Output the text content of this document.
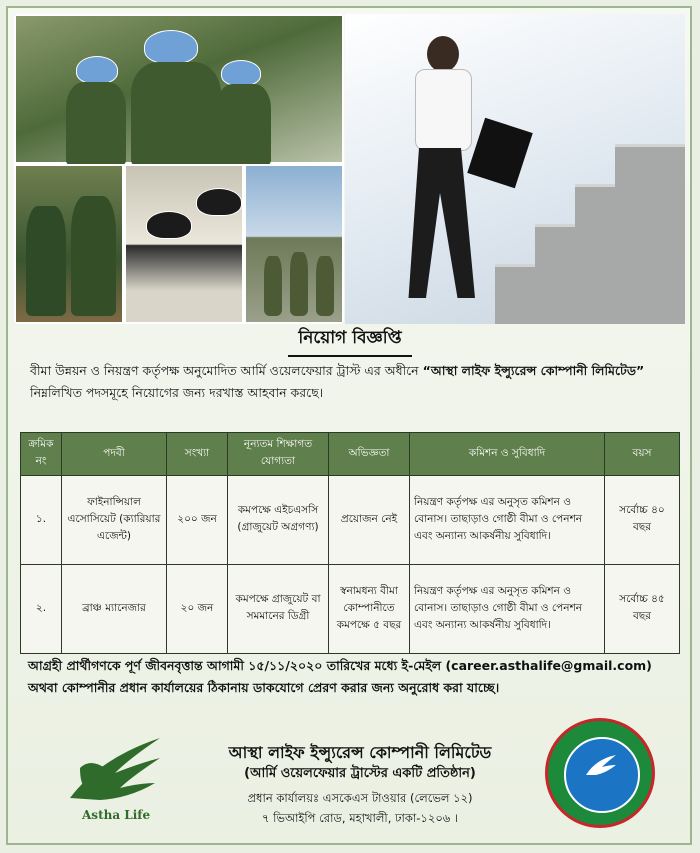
নিয়োগ বিজ্ঞপ্তি
বীমা উন্নয়ন ও নিয়ন্ত্রণ কর্তৃপক্ষ অনুমোদিত আর্মি ওয়েলফেয়ার ট্রাস্ট এর অধীনে “আস্থা লাইফ ইন্স্যুরেন্স কোম্পানী লিমিটেড” নিম্নলিখিত পদসমূহে নিয়োগের জন্য দরখাস্ত আহবান করছে।
ক্রমিক নং	পদবী	সংখ্যা	নূন্যতম শিক্ষাগত যোগ্যতা	অভিজ্ঞতা	কমিশন ও সুবিধাদি	বয়স
১.	ফাইনান্সিয়াল এসোসিয়েট (ক্যারিয়ার এজেন্ট)	২০০ জন	কমপক্ষে এইচএসসি (গ্রাজুয়েট অগ্রগণ্য)	প্রয়োজন নেই	নিয়ন্ত্রণ কর্তৃপক্ষ এর অনুসৃত কমিশন ও বোনাস। তাছাড়াও গোষ্ঠী বীমা ও পেনশন এবং অন্যান্য আকর্ষনীয় সুবিধাদি।	সর্বোচ্চ ৪০ বছর
২.	ব্রাঞ্চ ম্যানেজার	২০ জন	কমপক্ষে গ্রাজুয়েট বা সমমানের ডিগ্রী	স্বনামধন্য বীমা কোম্পানীতে কমপক্ষে ৫ বছর	নিয়ন্ত্রণ কর্তৃপক্ষ এর অনুসৃত কমিশন ও বোনাস। তাছাড়াও গোষ্ঠী বীমা ও পেনশন এবং অন্যান্য আকর্ষনীয় সুবিধাদি।	সর্বোচ্চ ৪৫ বছর
আগ্রহী প্রার্থীগণকে পূর্ণ জীবনবৃত্তান্ত আগামী ১৫/১১/২০২০ তারিখের মধ্যে ই-মেইল (career.asthalife@gmail.com)
অথবা কোম্পানীর প্রধান কার্যালয়ের ঠিকানায় ডাকযোগে প্রেরণ করার জন্য অনুরোধ করা যাচ্ছে।
Astha Life
আস্থা লাইফ ইন্স্যুরেন্স কোম্পানী লিমিটেড
(আর্মি ওয়েলফেয়ার ট্রাস্টের একটি প্রতিষ্ঠান)
প্রধান কার্যালয়ঃ এসকেএস টাওয়ার (লেভেল ১২)
৭ ভিআইপি রোড, মহাখালী, ঢাকা-১২০৬ ।
